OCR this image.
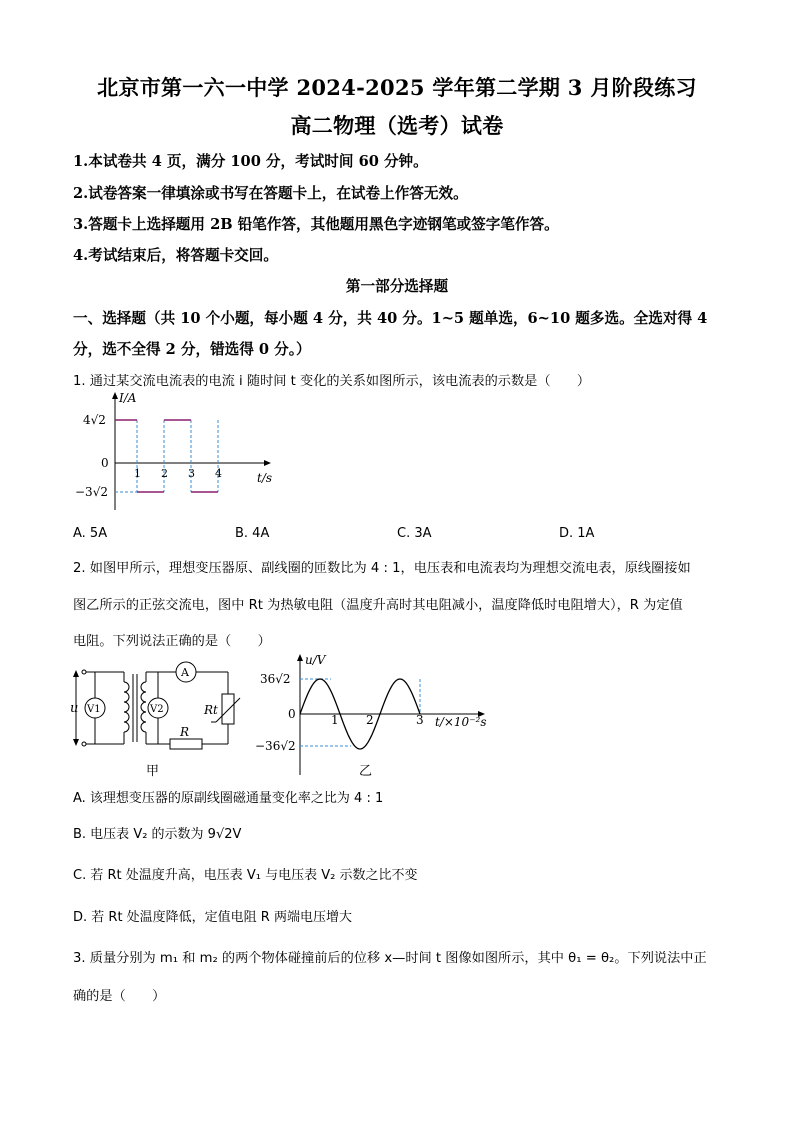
北京市第一六一中学 2024-2025 学年第二学期 3 月阶段练习
高二物理（选考）试卷
1.本试卷共 4 页，满分 100 分，考试时间 60 分钟。
2.试卷答案一律填涂或书写在答题卡上，在试卷上作答无效。
3.答题卡上选择题用 2B 铅笔作答，其他题用黑色字迹钢笔或签字笔作答。
4.考试结束后，将答题卡交回。
第一部分选择题
一、选择题（共 10 个小题，每小题 4 分，共 40 分。1~5 题单选，6~10 题多选。全选对得 4
分，选不全得 2 分，错选得 0 分。）
1. 通过某交流电流表的电流 i 随时间 t 变化的关系如图所示，该电流表的示数是（　　）
I/A
4√2
0
−3√2
1 2 3 4	t/s
A. 5A	B. 4A	C. 3A	D. 1A
2. 如图甲所示，理想变压器原、副线圈的匝数比为 4 : 1，电压表和电流表均为理想交流电表，原线圈接如
图乙所示的正弦交流电，图中 Rt 为热敏电阻（温度升高时其电阻减小，温度降低时电阻增大），R 为定值
电阻。下列说法正确的是（　　）
u V1
A
Rt
R
V2
甲
u/V
36√2
0
−36√2
1 2	3 t/×10⁻²s
乙
A. 该理想变压器的原副线圈磁通量变化率之比为 4 : 1
B. 电压表 V₂ 的示数为 9√2V
C. 若 Rt 处温度升高，电压表 V₁ 与电压表 V₂ 示数之比不变
D. 若 Rt 处温度降低，定值电阻 R 两端电压增大
3. 质量分别为 m₁ 和 m₂ 的两个物体碰撞前后的位移 x—时间 t 图像如图所示，其中 θ₁ = θ₂。下列说法中正
确的是（　　）
